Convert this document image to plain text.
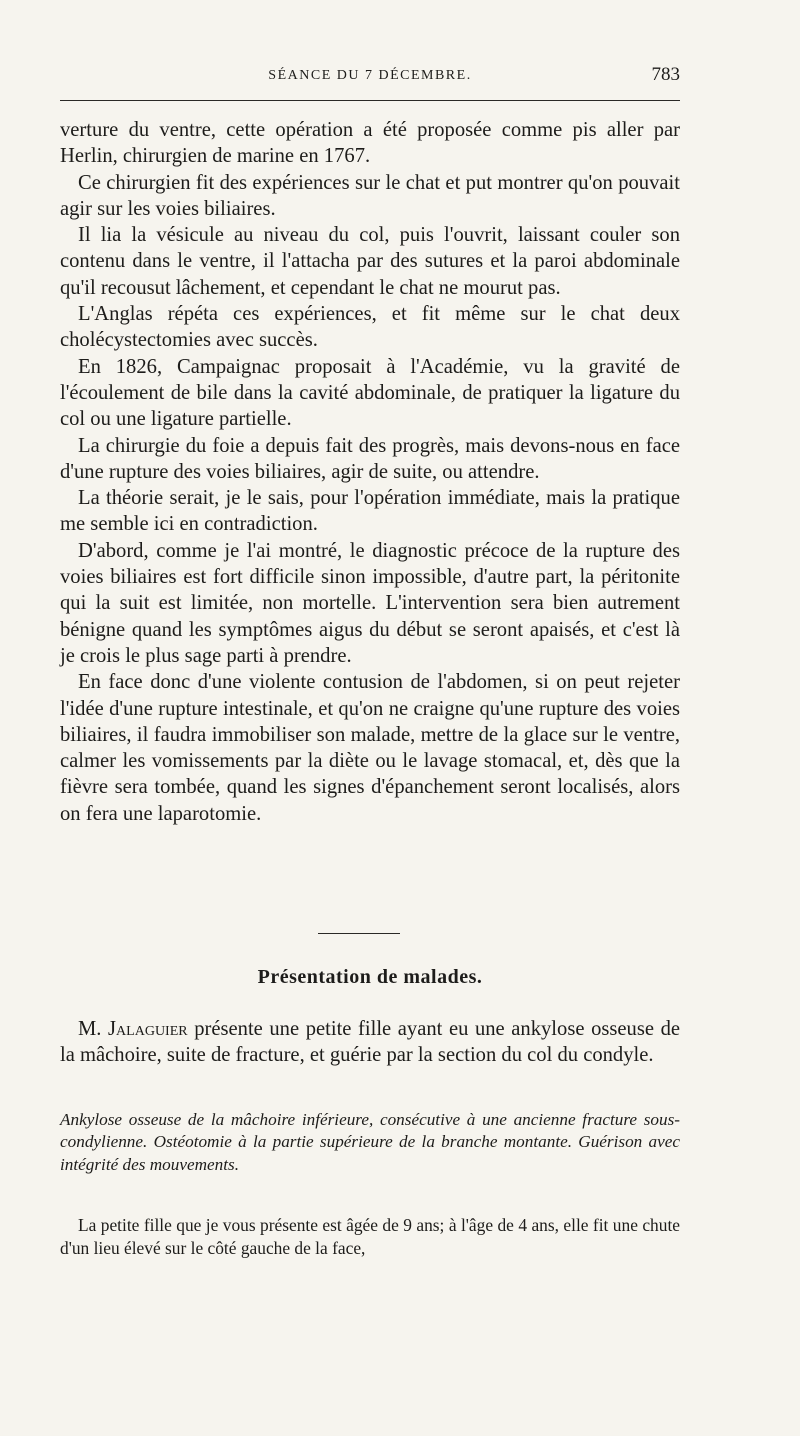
SÉANCE DU 7 DÉCEMBRE.	783

verture du ventre, cette opération a été proposée comme pis aller par Herlin, chirurgien de marine en 1767.

Ce chirurgien fit des expériences sur le chat et put montrer qu'on pouvait agir sur les voies biliaires.

Il lia la vésicule au niveau du col, puis l'ouvrit, laissant couler son contenu dans le ventre, il l'attacha par des sutures et la paroi abdominale qu'il recousut lâchement, et cependant le chat ne mourut pas.

L'Anglas répéta ces expériences, et fit même sur le chat deux cholécystectomies avec succès.

En 1826, Campaignac proposait à l'Académie, vu la gravité de l'écoulement de bile dans la cavité abdominale, de pratiquer la ligature du col ou une ligature partielle.

La chirurgie du foie a depuis fait des progrès, mais devons-nous en face d'une rupture des voies biliaires, agir de suite, ou attendre.

La théorie serait, je le sais, pour l'opération immédiate, mais la pratique me semble ici en contradiction.

D'abord, comme je l'ai montré, le diagnostic précoce de la rupture des voies biliaires est fort difficile sinon impossible, d'autre part, la péritonite qui la suit est limitée, non mortelle. L'intervention sera bien autrement bénigne quand les symptômes aigus du début se seront apaisés, et c'est là je crois le plus sage parti à prendre.

En face donc d'une violente contusion de l'abdomen, si on peut rejeter l'idée d'une rupture intestinale, et qu'on ne craigne qu'une rupture des voies biliaires, il faudra immobiliser son malade, mettre de la glace sur le ventre, calmer les vomissements par la diète ou le lavage stomacal, et, dès que la fièvre sera tombée, quand les signes d'épanchement seront localisés, alors on fera une laparotomie.

Présentation de malades.

M. Jalaguier présente une petite fille ayant eu une ankylose osseuse de la mâchoire, suite de fracture, et guérie par la section du col du condyle.

Ankylose osseuse de la mâchoire inférieure, consécutive à une ancienne fracture sous-condylienne. Ostéotomie à la partie supérieure de la branche montante. Guérison avec intégrité des mouvements.

La petite fille que je vous présente est âgée de 9 ans; à l'âge de 4 ans, elle fit une chute d'un lieu élevé sur le côté gauche de la face,
